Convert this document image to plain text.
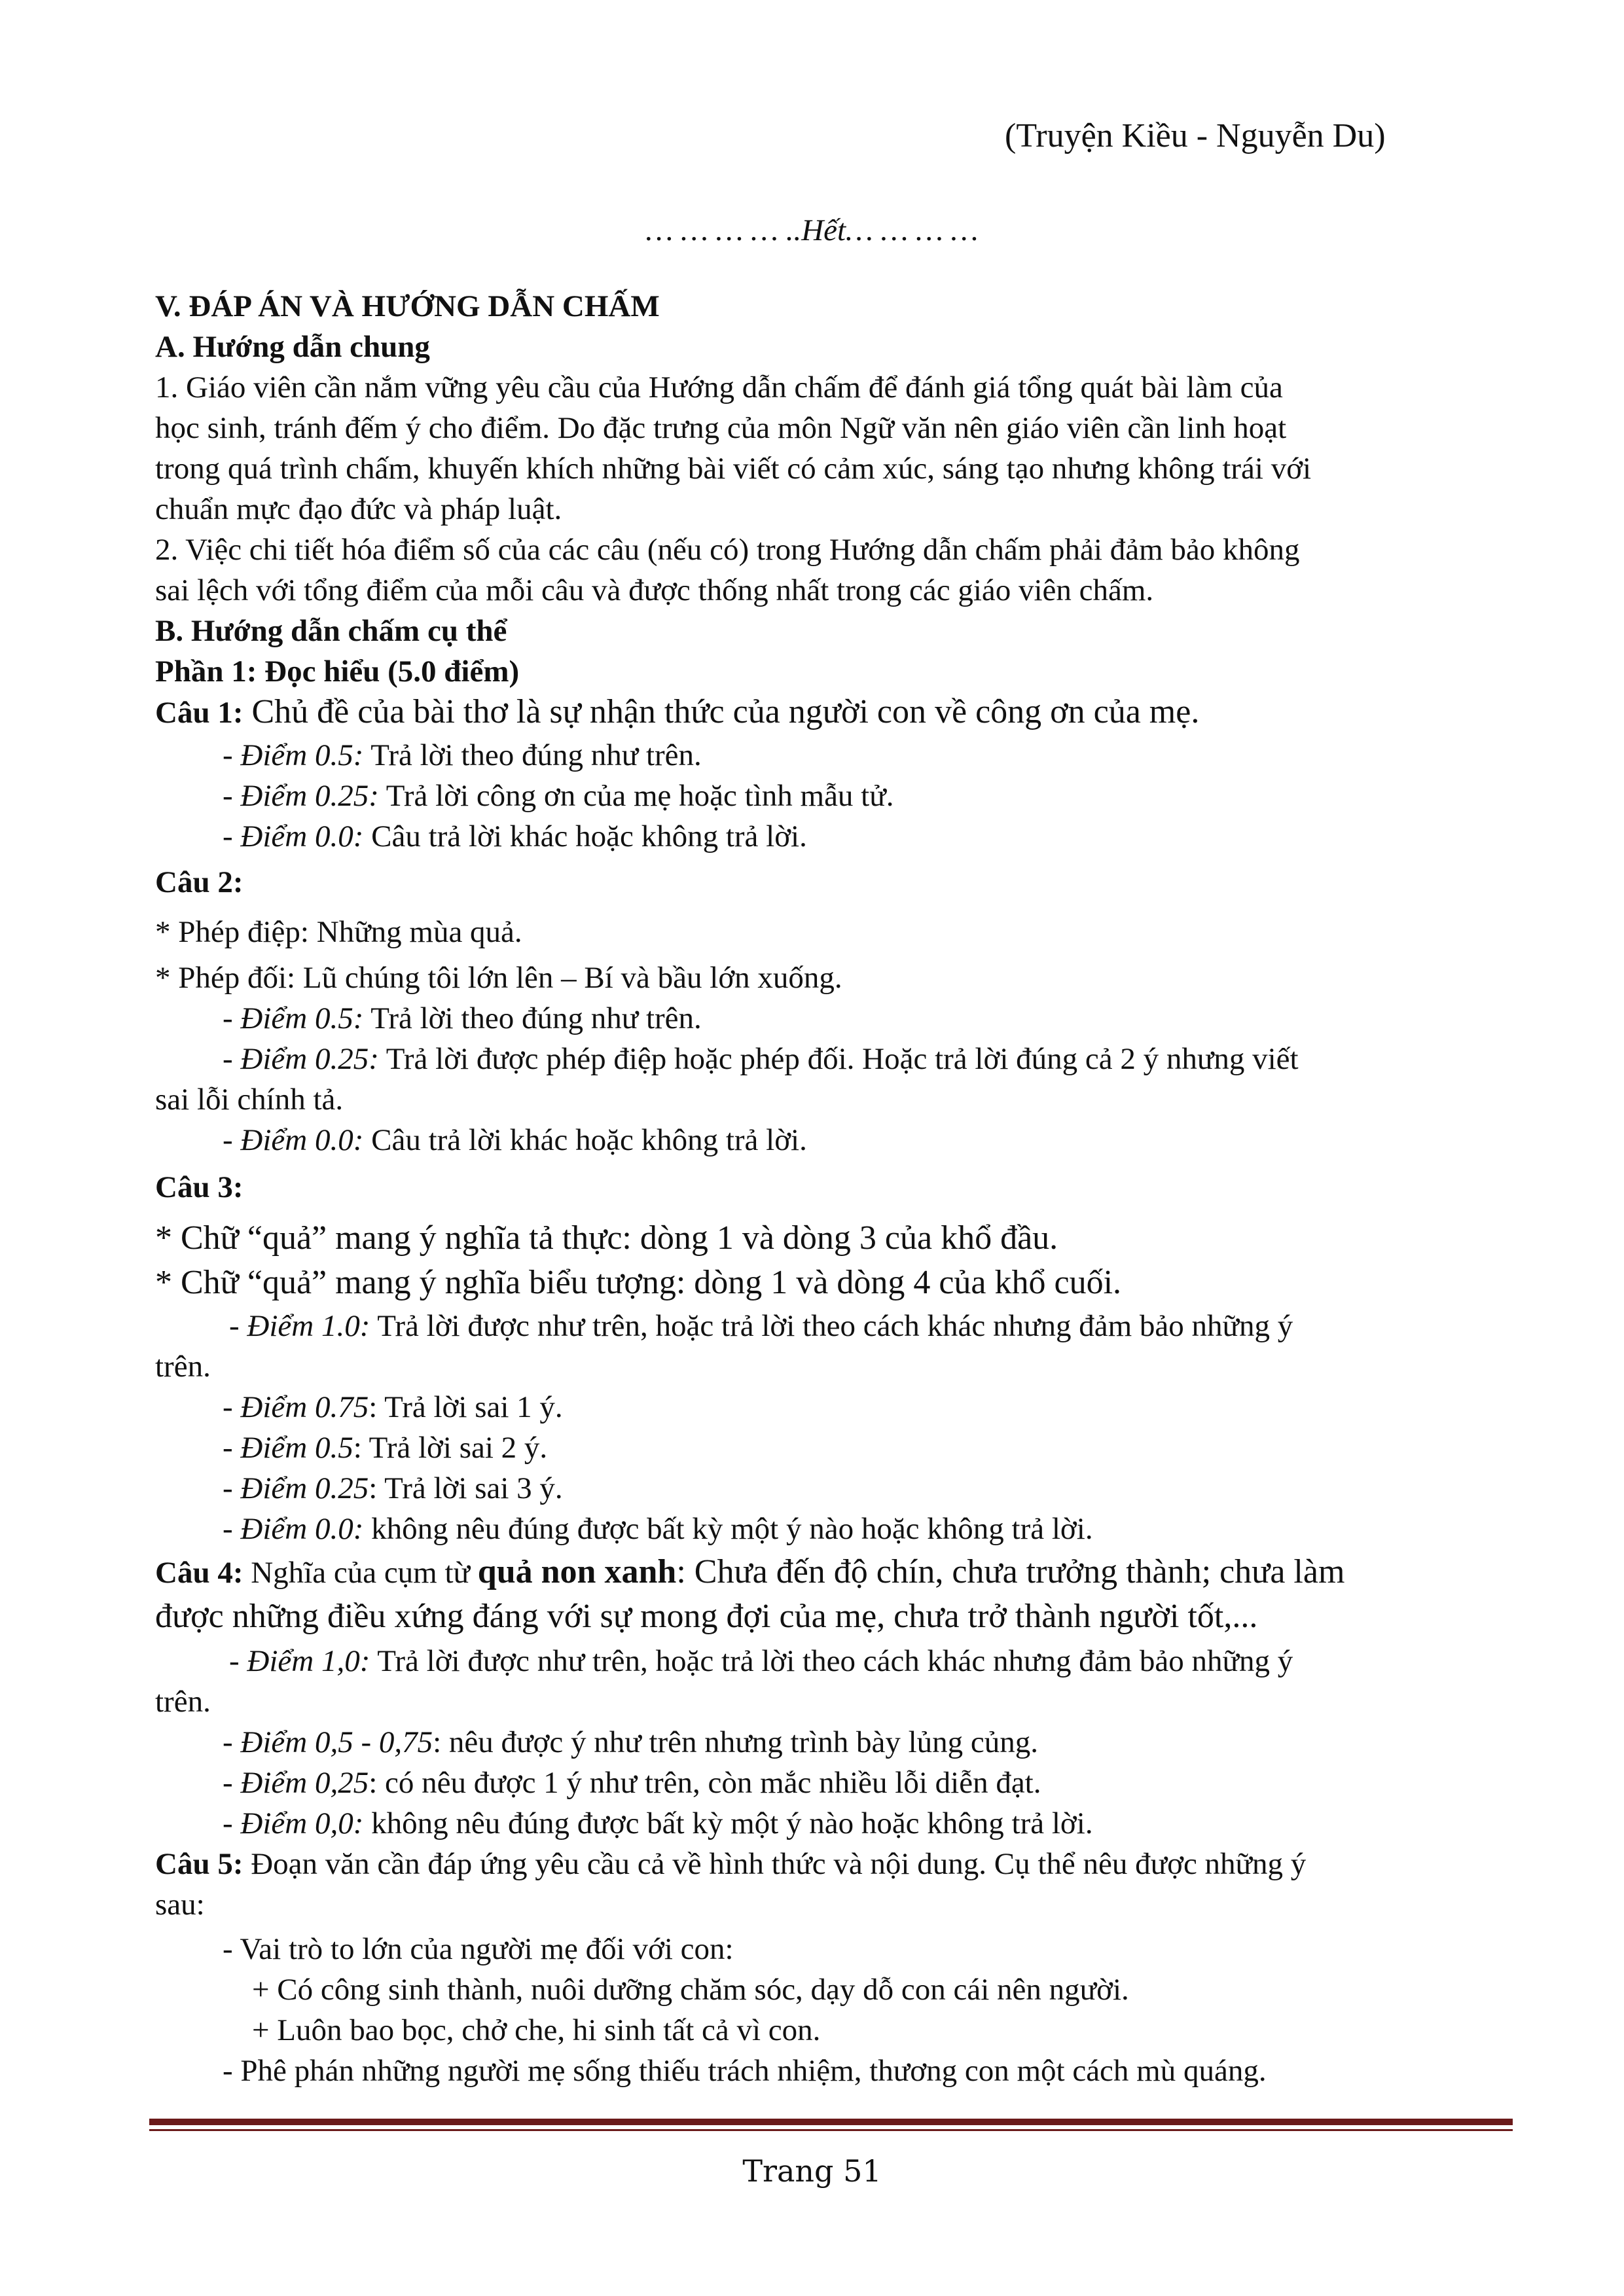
(Truyện Kiều - Nguyễn Du)
… … … … ..Hết… … … …
V. ĐÁP ÁN VÀ HƯỚNG DẪN CHẤM
A. Hướng dẫn chung
1. Giáo viên cần nắm vững yêu cầu của Hướng dẫn chấm để đánh giá tổng quát bài làm của
học sinh, tránh đếm ý cho điểm. Do đặc trưng của môn Ngữ văn nên giáo viên cần linh hoạt
trong quá trình chấm, khuyến khích những bài viết có cảm xúc, sáng tạo nhưng không trái với
chuẩn mực đạo đức và pháp luật.
2. Việc chi tiết hóa điểm số của các câu (nếu có) trong Hướng dẫn chấm phải đảm bảo không
sai lệch với tổng điểm của mỗi câu và được thống nhất trong các giáo viên chấm.
B. Hướng dẫn chấm cụ thể
Phần 1: Đọc hiểu (5.0 điểm)
Câu 1: Chủ đề của bài thơ là sự nhận thức của người con về công ơn của mẹ.
- Điểm 0.5: Trả lời theo đúng như trên.
- Điểm 0.25: Trả lời công ơn của mẹ hoặc tình mẫu tử.
- Điểm 0.0: Câu trả lời khác hoặc không trả lời.
Câu 2:
* Phép điệp: Những mùa quả.
* Phép đối: Lũ chúng tôi lớn lên – Bí và bầu lớn xuống.
- Điểm 0.5: Trả lời theo đúng như trên.
- Điểm 0.25: Trả lời được phép điệp hoặc phép đối. Hoặc trả lời đúng cả 2 ý nhưng viết
sai lỗi chính tả.
- Điểm 0.0: Câu trả lời khác hoặc không trả lời.
Câu 3:
* Chữ “quả” mang ý nghĩa tả thực: dòng 1 và dòng 3 của khổ đầu.
* Chữ “quả” mang ý nghĩa biểu tượng: dòng 1 và dòng 4 của khổ cuối.
- Điểm 1.0: Trả lời được như trên, hoặc trả lời theo cách khác nhưng đảm bảo những ý
trên.
- Điểm 0.75: Trả lời sai 1 ý.
- Điểm 0.5: Trả lời sai 2 ý.
- Điểm 0.25: Trả lời sai 3 ý.
- Điểm 0.0: không nêu đúng được bất kỳ một ý nào hoặc không trả lời.
Câu 4: Nghĩa của cụm từ quả non xanh: Chưa đến độ chín, chưa trưởng thành; chưa làm
được những điều xứng đáng với sự mong đợi của mẹ, chưa trở thành người tốt,...
- Điểm 1,0: Trả lời được như trên, hoặc trả lời theo cách khác nhưng đảm bảo những ý
trên.
- Điểm 0,5 - 0,75: nêu được ý như trên nhưng trình bày lủng củng.
- Điểm 0,25: có nêu được 1 ý như trên, còn mắc nhiều lỗi diễn đạt.
- Điểm 0,0: không nêu đúng được bất kỳ một ý nào hoặc không trả lời.
Câu 5: Đoạn văn cần đáp ứng yêu cầu cả về hình thức và nội dung. Cụ thể nêu được những ý
sau:
- Vai trò to lớn của người mẹ đối với con:
+ Có công sinh thành, nuôi dưỡng chăm sóc, dạy dỗ con cái nên người.
+ Luôn bao bọc, chở che, hi sinh tất cả vì con.
- Phê phán những người mẹ sống thiếu trách nhiệm, thương con một cách mù quáng.
Trang 51
